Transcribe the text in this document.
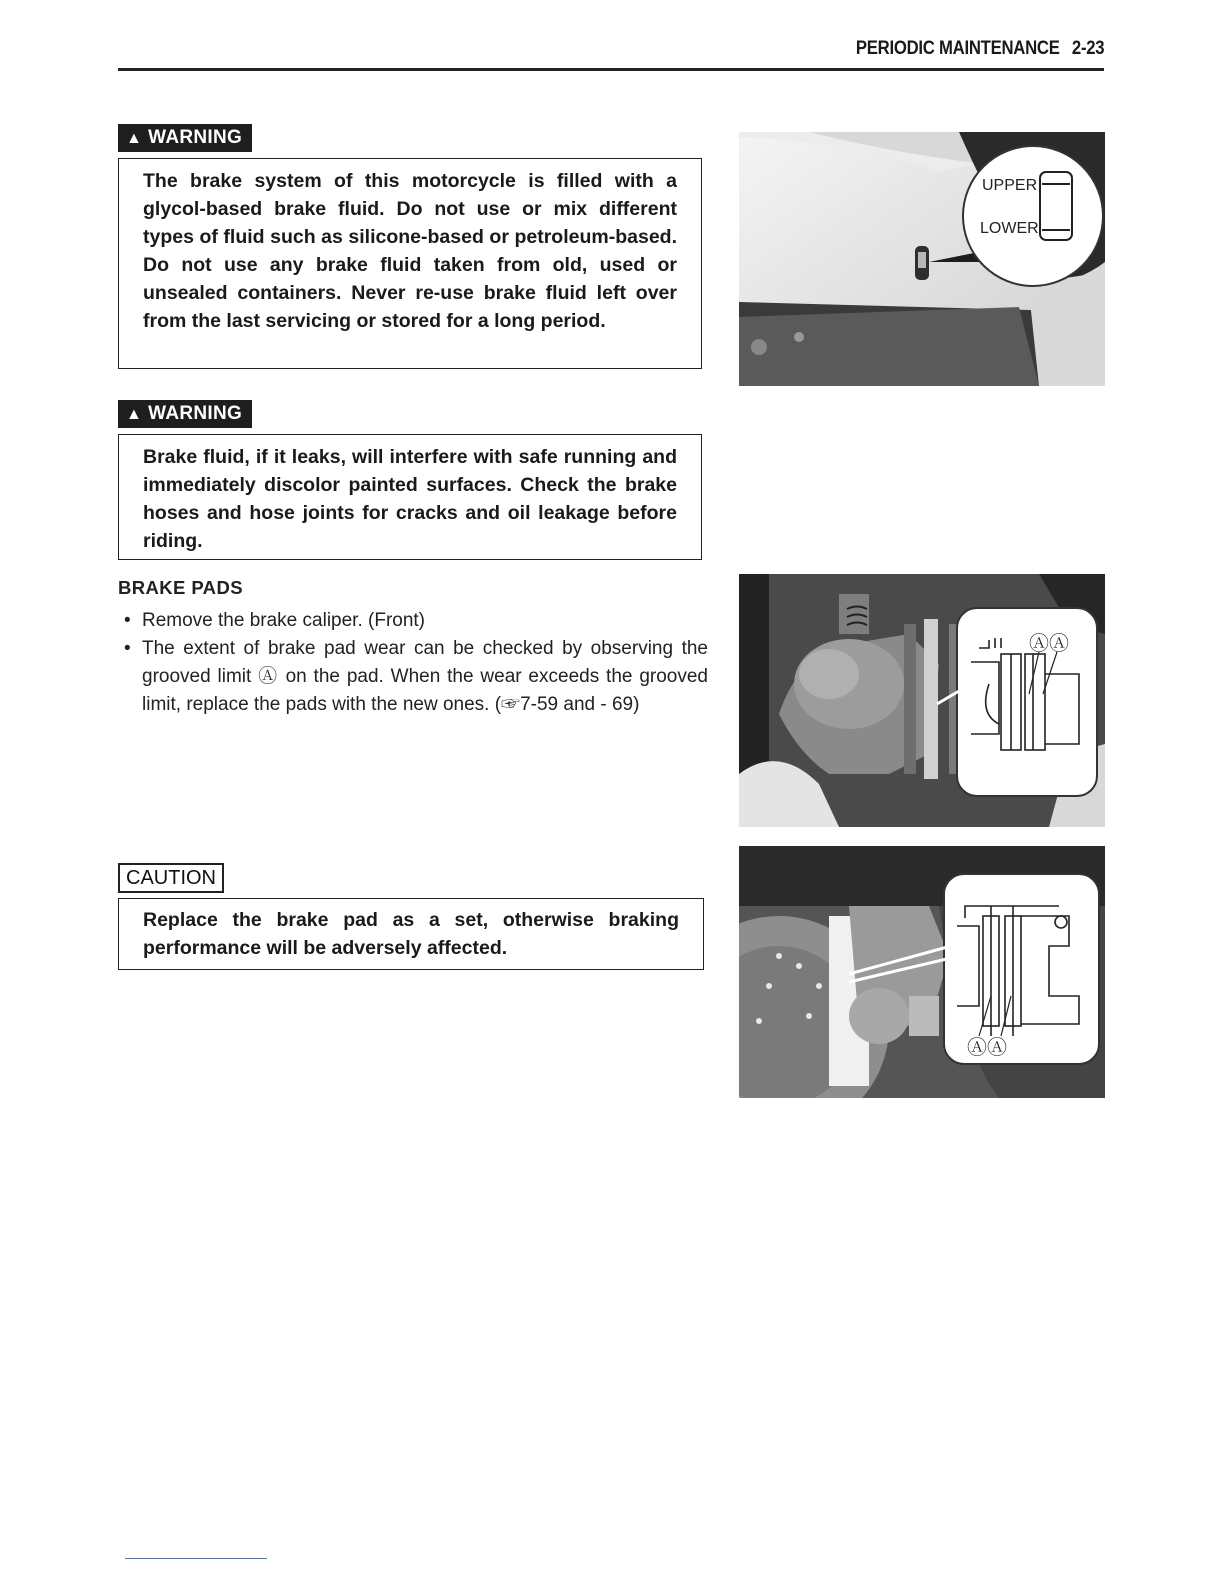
PERIODIC MAINTENANCE 2-23
▲ WARNING

The brake system of this motorcycle is filled with a glycol-based brake fluid. Do not use or mix different types of fluid such as silicone-based or petroleum-based. Do not use any brake fluid taken from old, used or unsealed containers. Never re-use brake fluid left over from the last servicing or stored for a long period.

▲ WARNING

Brake fluid, if it leaks, will interfere with safe running and immediately discolor painted surfaces. Check the brake hoses and hose joints for cracks and oil leakage before riding.

BRAKE PADS
• Remove the brake caliper. (Front)
• The extent of brake pad wear can be checked by observing the grooved limit Ⓐ on the pad. When the wear exceeds the grooved limit, replace the pads with the new ones. (☞7-59 and - 69)
CAUTION

Replace the brake pad as a set, otherwise braking performance will be adversely affected.

UPPER
LOWER
ⒶⒶ
ⒶⒶ
